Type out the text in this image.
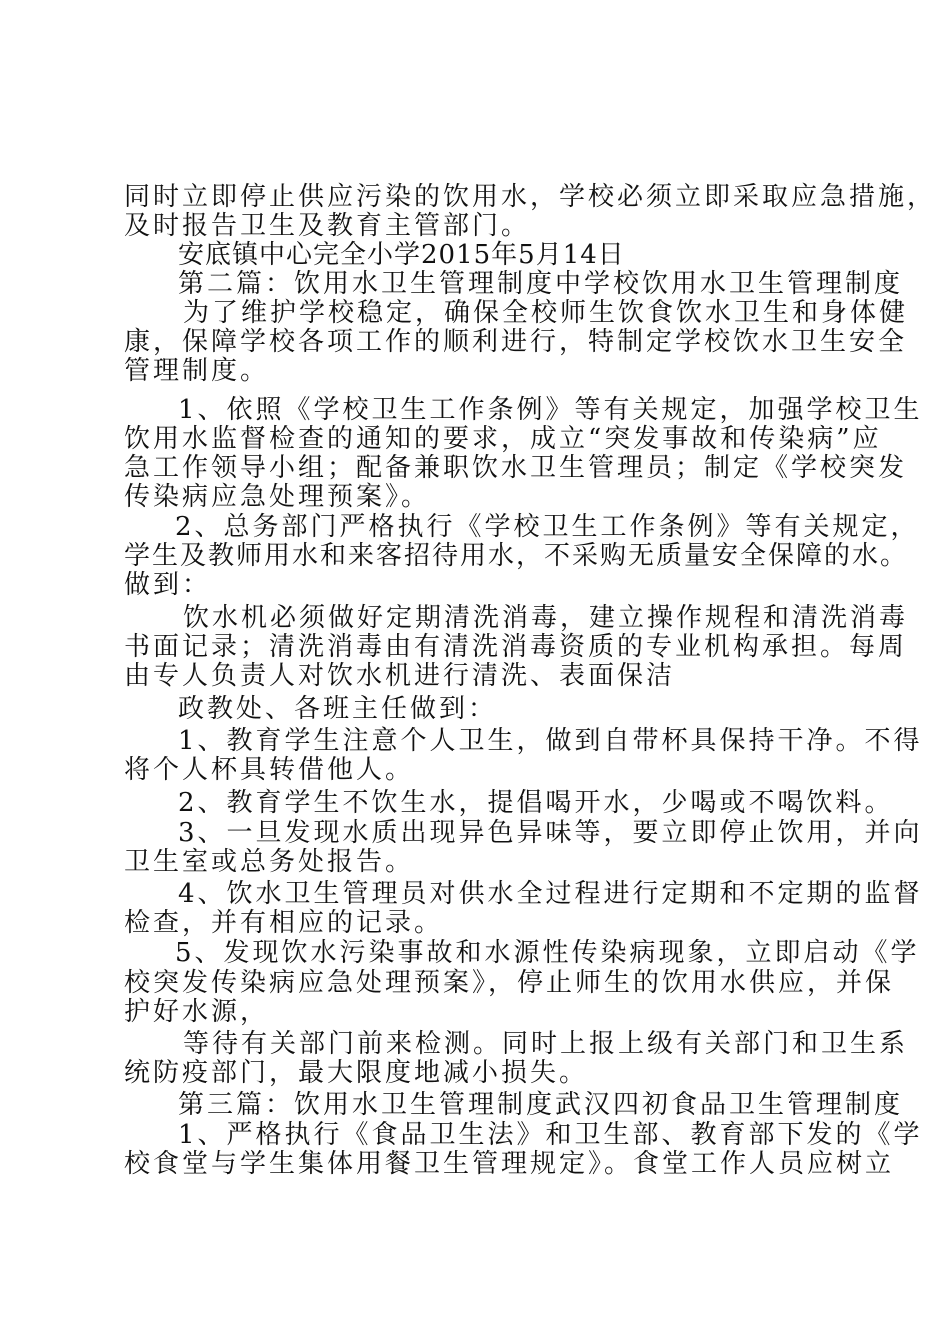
同时立即停止供应污染的饮用水，学校必须立即采取应急措施，
及时报告卫生及教育主管部门。
安底镇中心完全小学2015年5月14日
第二篇：饮用水卫生管理制度中学校饮用水卫生管理制度
为了维护学校稳定，确保全校师生饮食饮水卫生和身体健
康，保障学校各项工作的顺利进行，特制定学校饮水卫生安全
管理制度。
1、依照《学校卫生工作条例》等有关规定，加强学校卫生
饮用水监督检查的通知的要求，成立“突发事故和传染病”应
急工作领导小组；配备兼职饮水卫生管理员；制定《学校突发
传染病应急处理预案》。
2、总务部门严格执行《学校卫生工作条例》等有关规定，
学生及教师用水和来客招待用水，不采购无质量安全保障的水。
做到：
饮水机必须做好定期清洗消毒，建立操作规程和清洗消毒
书面记录；清洗消毒由有清洗消毒资质的专业机构承担。每周
由专人负责人对饮水机进行清洗、表面保洁
政教处、各班主任做到：
1、教育学生注意个人卫生，做到自带杯具保持干净。不得
将个人杯具转借他人。
2、教育学生不饮生水，提倡喝开水，少喝或不喝饮料。
3、一旦发现水质出现异色异味等，要立即停止饮用，并向
卫生室或总务处报告。
4、饮水卫生管理员对供水全过程进行定期和不定期的监督
检查，并有相应的记录。
5、发现饮水污染事故和水源性传染病现象，立即启动《学
校突发传染病应急处理预案》，停止师生的饮用水供应，并保
护好水源，
等待有关部门前来检测。同时上报上级有关部门和卫生系
统防疫部门，最大限度地减小损失。
第三篇：饮用水卫生管理制度武汉四初食品卫生管理制度
1、严格执行《食品卫生法》和卫生部、教育部下发的《学
校食堂与学生集体用餐卫生管理规定》。食堂工作人员应树立
